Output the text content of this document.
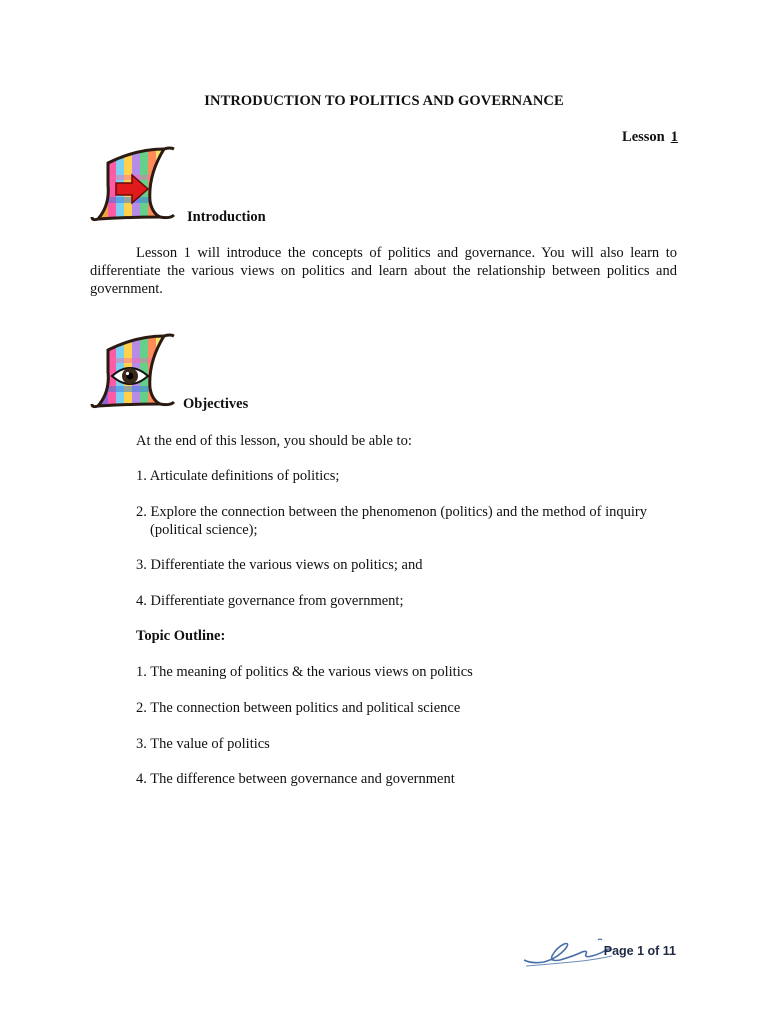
INTRODUCTION TO POLITICS AND GOVERNANCE
Lesson 1
Introduction
Lesson 1 will introduce the concepts of politics and governance. You will also learn to differentiate the various views on politics and learn about the relationship between politics and government.
Objectives
At the end of this lesson, you should be able to:
1. Articulate definitions of politics;
2. Explore the connection between the phenomenon (politics) and the method of inquiry (political science);
3. Differentiate the various views on politics; and
4. Differentiate governance from government;
Topic Outline:
1. The meaning of politics & the various views on politics
2. The connection between politics and political science
3. The value of politics
4. The difference between governance and government
Page 1 of 11
